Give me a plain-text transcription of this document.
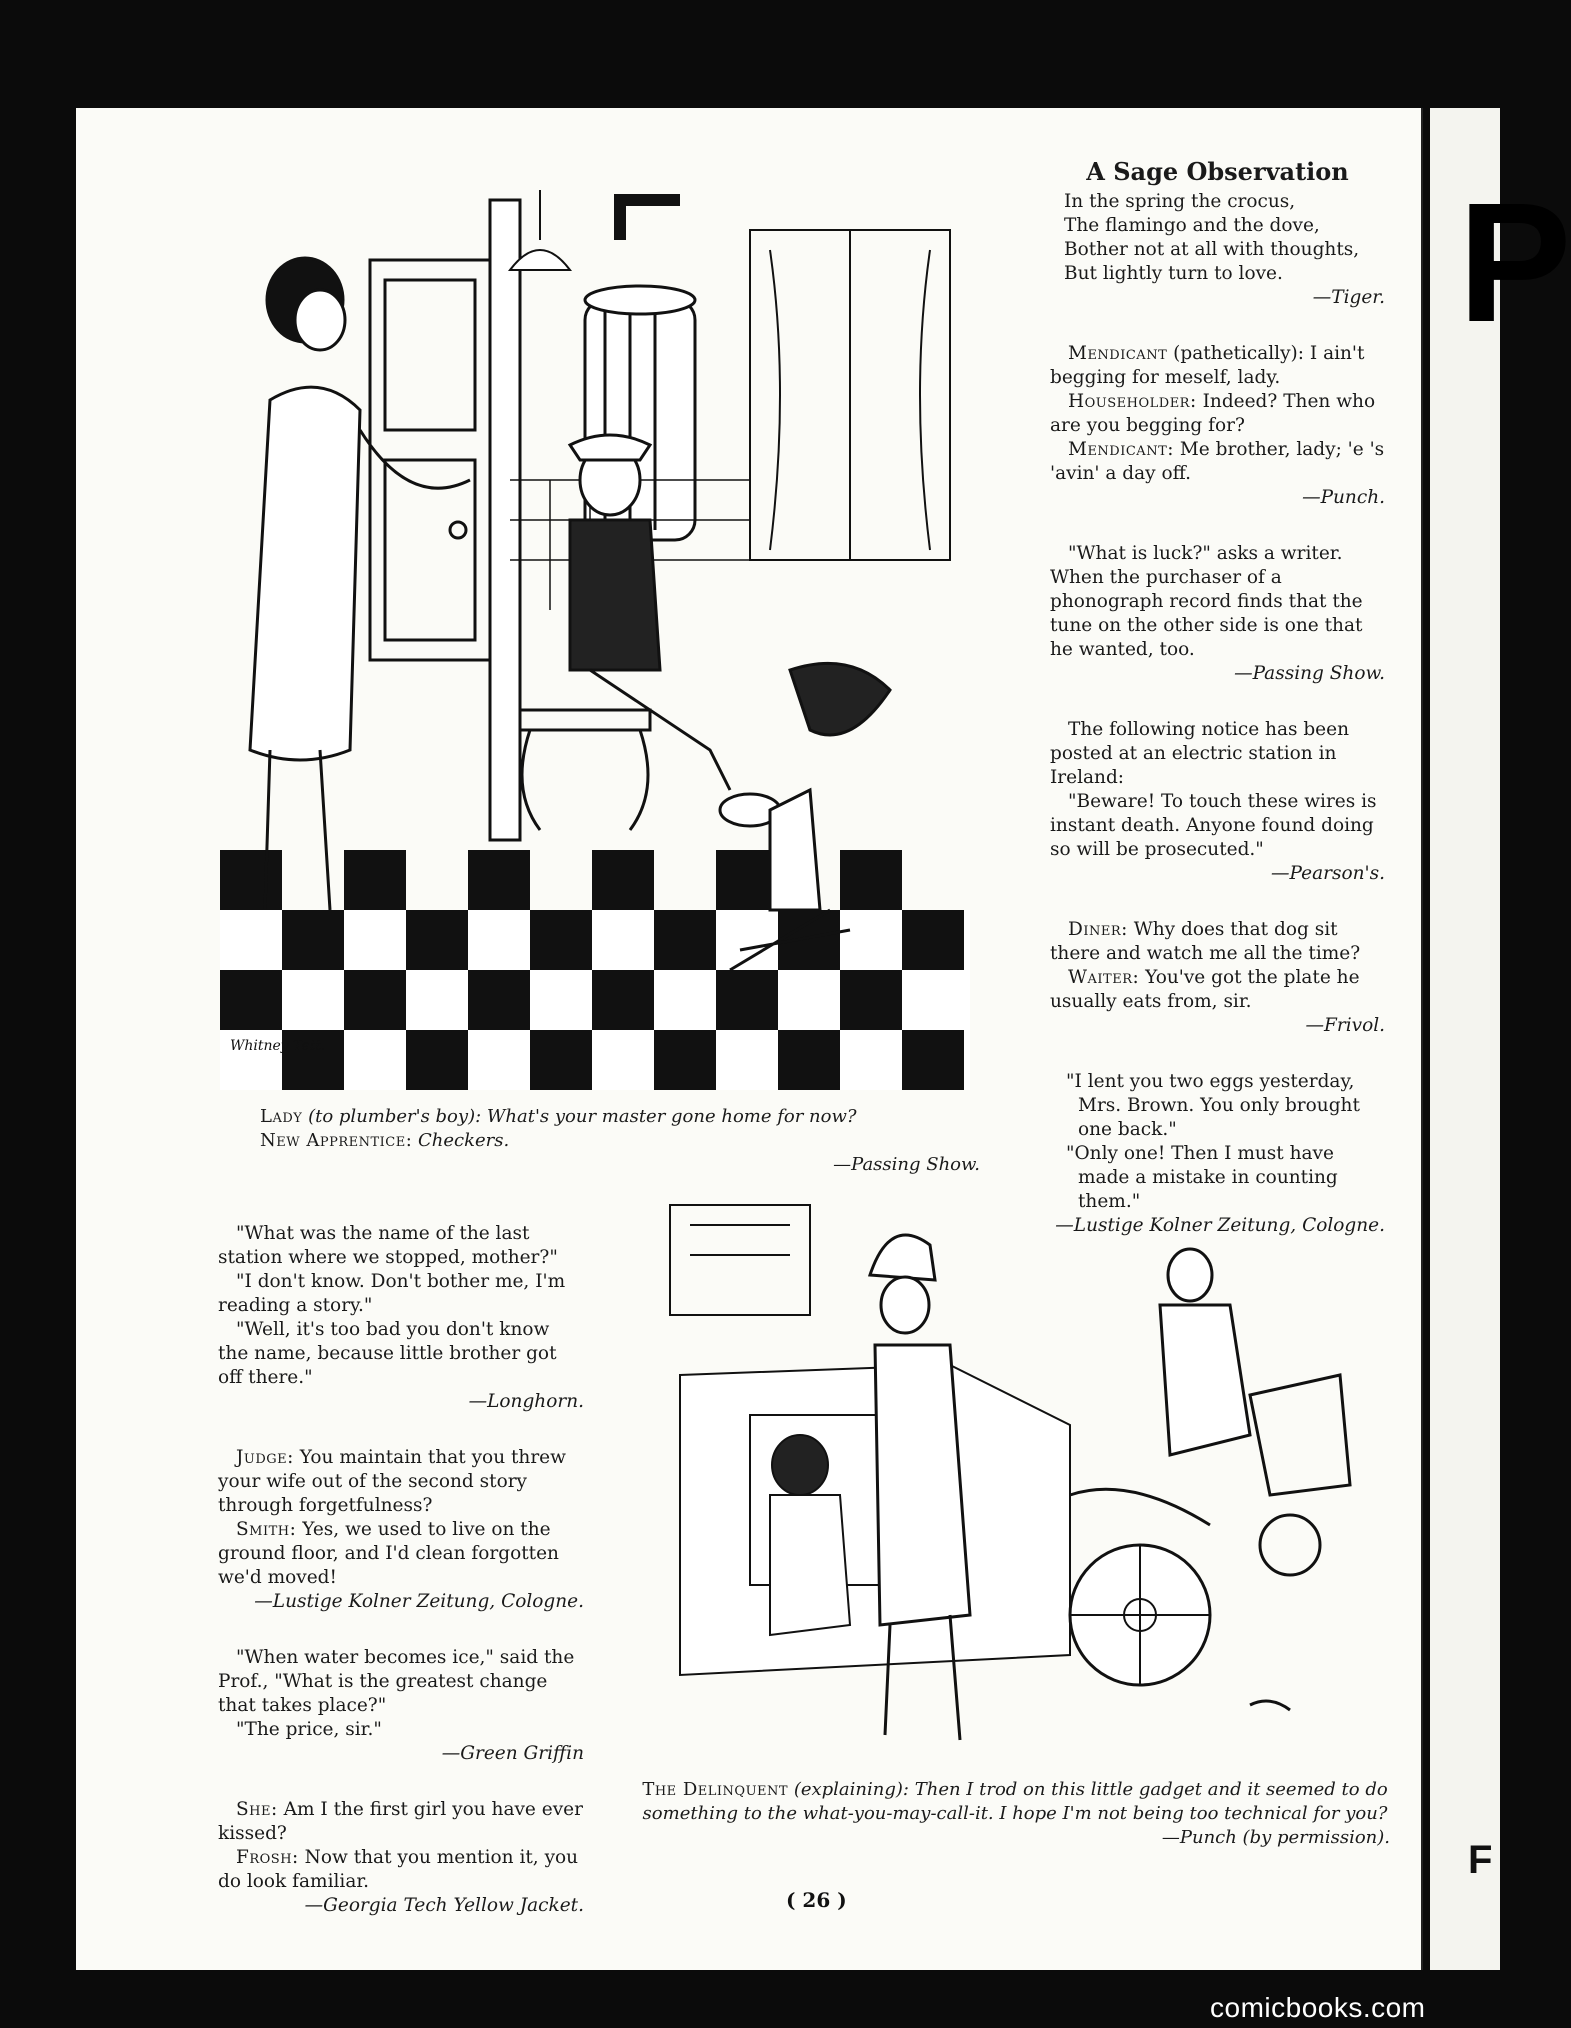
P
F
Whitney Tett.
A Sage Observation

In the spring the crocus,

The flamingo and the dove,

Bother not at all with thoughts,

But lightly turn to love.

—Tiger.

Mendicant (pathetically): I ain't begging for meself, lady.

Householder: Indeed? Then who are you begging for?

Mendicant: Me brother, lady; 'e 's 'avin' a day off.

—Punch.

"What is luck?" asks a writer. When the purchaser of a phonograph record finds that the tune on the other side is one that he wanted, too.

—Passing Show.

The following notice has been posted at an electric station in Ireland:

"Beware! To touch these wires is instant death. Anyone found doing so will be prosecuted."

—Pearson's.

Diner: Why does that dog sit there and watch me all the time?

Waiter: You've got the plate he usually eats from, sir.

—Frivol.

"I lent you two eggs yesterday, Mrs. Brown. You only brought one back."

"Only one! Then I must have made a mistake in counting them."

—Lustige Kolner Zeitung, Cologne.

Lady (to plumber's boy): What's your master gone home for now?

New Apprentice: Checkers.

—Passing Show.

"What was the name of the last station where we stopped, mother?"

"I don't know. Don't bother me, I'm reading a story."

"Well, it's too bad you don't know the name, because little brother got off there."

—Longhorn.

Judge: You maintain that you threw your wife out of the second story through forgetfulness?

Smith: Yes, we used to live on the ground floor, and I'd clean forgotten we'd moved!

—Lustige Kolner Zeitung, Cologne.

"When water becomes ice," said the Prof., "What is the greatest change that takes place?"

"The price, sir."

—Green Griffin

She: Am I the first girl you have ever kissed?

Frosh: Now that you mention it, you do look familiar.

—Georgia Tech Yellow Jacket.

The Delinquent (explaining): Then I trod on this little gadget and it seemed to do something to the what-you-may-call-it. I hope I'm not being too technical for you?

—Punch (by permission).
( 26 )
comicbooks.com
